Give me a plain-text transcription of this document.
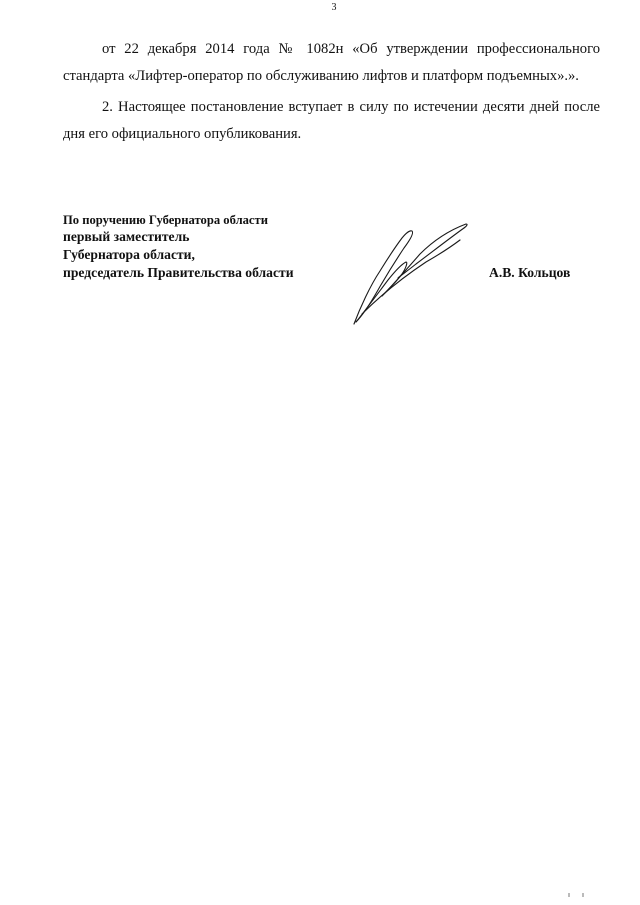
3

от 22 декабря 2014 года № 1082н «Об утверждении профессионального стандарта «Лифтер-оператор по обслуживанию лифтов и платформ подъемных».».

2. Настоящее постановление вступает в силу по истечении десяти дней после дня его официального опубликования.

По поручению Губернатора области
первый заместитель
Губернатора области,
председатель Правительства области	А.В. Кольцов
